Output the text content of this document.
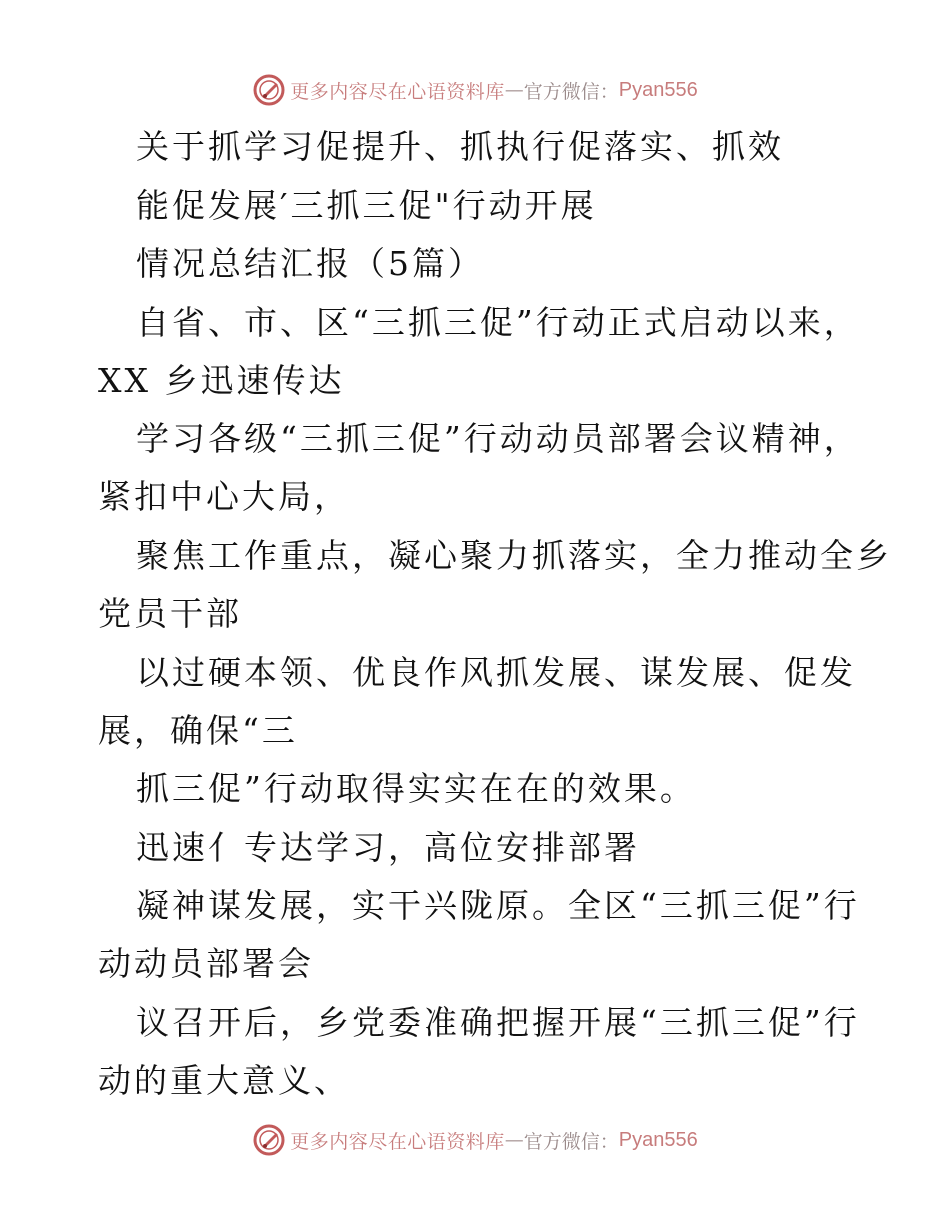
更多内容尽在心语资料库 — 官方微信： Pyan556

关于抓学习促提升、抓执行促落实、抓效

能促发展′三抓三促"行动开展

情况总结汇报（5篇）

自省、市、区“三抓三促”行动正式启动以来，

XX 乡迅速传达

学习各级“三抓三促”行动动员部署会议精神，

紧扣中心大局，

聚焦工作重点，凝心聚力抓落实，全力推动全乡

党员干部

以过硬本领、优良作风抓发展、谋发展、促发

展，确保“三

抓三促”行动取得实实在在的效果。

迅速亻专达学习，高位安排部署

凝神谋发展，实干兴陇原。全区“三抓三促”行

动动员部署会

议召开后，乡党委准确把握开展“三抓三促”行

动的重大意义、

更多内容尽在心语资料库 — 官方微信： Pyan556
